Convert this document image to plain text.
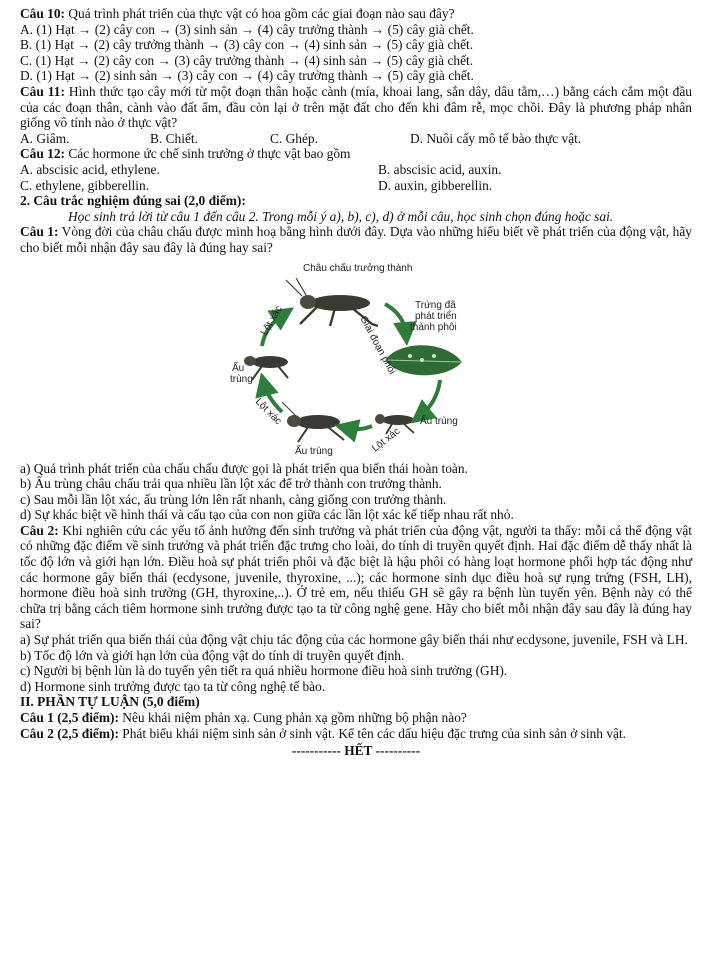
Câu 10: Quá trình phát triển của thực vật có hoa gồm các giai đoạn nào sau đây?

A. (1) Hạt → (2) cây con → (3) sinh sản → (4) cây trưởng thành → (5) cây già chết.

B. (1) Hạt → (2) cây trưởng thành → (3) cây con → (4) sinh sản → (5) cây già chết.

C. (1) Hạt → (2) cây con → (3) cây trưởng thành → (4) sinh sản → (5) cây già chết.

D. (1) Hạt → (2) sinh sản → (3) cây con → (4) cây trưởng thành → (5) cây già chết.

Câu 11: Hình thức tạo cây mới từ một đoạn thân hoặc cành (mía, khoai lang, sắn dây, dâu tằm,…) bằng cách cắm một đầu của các đoạn thân, cành vào đất ẩm, đầu còn lại ở trên mặt đất cho đến khi đâm rễ, mọc chồi. Đây là phương pháp nhân giống vô tính nào ở thực vật?

A. Giâm.	B. Chiết.	C. Ghép.	D. Nuôi cấy mô tế bào thực vật.

Câu 12: Các hormone ức chế sinh trưởng ở thực vật bao gồm

A. abscisic acid, ethylene.	B. abscisic acid, auxin.
C. ethylene, gibberellin.	D. auxin, gibberellin.

2. Câu trắc nghiệm đúng sai (2,0 điểm):

Học sinh trả lời từ câu 1 đến câu 2. Trong mỗi ý a), b), c), d) ở mỗi câu, học sinh chọn đúng hoặc sai.

Câu 1: Vòng đời của châu chấu được minh hoạ bằng hình dưới đây. Dựa vào những hiểu biết về phát triển của động vật, hãy cho biết mỗi nhận đây sau đây là đúng hay sai?

Châu chấu trưởng thành
Trứng đã
phát triển
thành phôi
Giai đoạn phôi
Lột xác
Ấu
trùng
Lột xác
Ấu trùng	Lột xác
Ấu trùng

a) Quá trình phát triển của chấu chấu được gọi là phát triển qua biến thái hoàn toàn.

b) Ấu trùng châu chấu trải qua nhiều lần lột xác để trở thành con trưởng thành.

c) Sau mỗi lần lột xác, ấu trùng lớn lên rất nhanh, càng giống con trưởng thành.

d) Sự khác biệt về hình thái và cấu tạo của con non giữa các lần lột xác kế tiếp nhau rất nhỏ.

Câu 2: Khi nghiên cứu các yếu tố ảnh hưởng đến sinh trưởng và phát triển của động vật, người ta thấy: mỗi cá thể động vật có những đặc điểm về sinh trưởng và phát triển đặc trưng cho loài, do tính di truyền quyết định. Hai đặc điểm dễ thấy nhất là tốc độ lớn và giới hạn lớn. Điều hoà sự phát triển phôi và đặc biệt là hậu phôi có hàng loạt hormone phối hợp tác động như các hormone gây biến thái (ecdysone, juvenile, thyroxine, ...); các hormone sinh dục điều hoà sự rụng trứng (FSH, LH), hormone điều hoà sinh trưởng (GH, thyroxine,..). Ở trẻ em, nếu thiếu GH sẽ gây ra bệnh lùn tuyến yên. Bệnh này có thể chữa trị bằng cách tiêm hormone sinh trưởng được tạo ta từ công nghệ gene. Hãy cho biết mỗi nhận đây sau đây là đúng hay sai?

a) Sự phát triển qua biến thái của động vật chịu tác động của các hormone gây biến thái như ecdysone, juvenile, FSH và LH.

b) Tốc độ lớn và giới hạn lớn của động vật do tính di truyền quyết định.

c) Người bị bệnh lùn là do tuyến yên tiết ra quá nhiều hormone điều hoà sinh trưởng (GH).

d) Hormone sinh trưởng được tạo ta từ công nghệ tế bào.

II. PHẦN TỰ LUẬN (5,0 điểm)

Câu 1 (2,5 điểm): Nêu khái niệm phản xạ. Cung phản xạ gồm những bộ phận nào?

Câu 2 (2,5 điểm): Phát biểu khái niệm sinh sản ở sinh vật. Kể tên các dấu hiệu đặc trưng của sinh sản ở sinh vật.

----------- HẾT ----------
